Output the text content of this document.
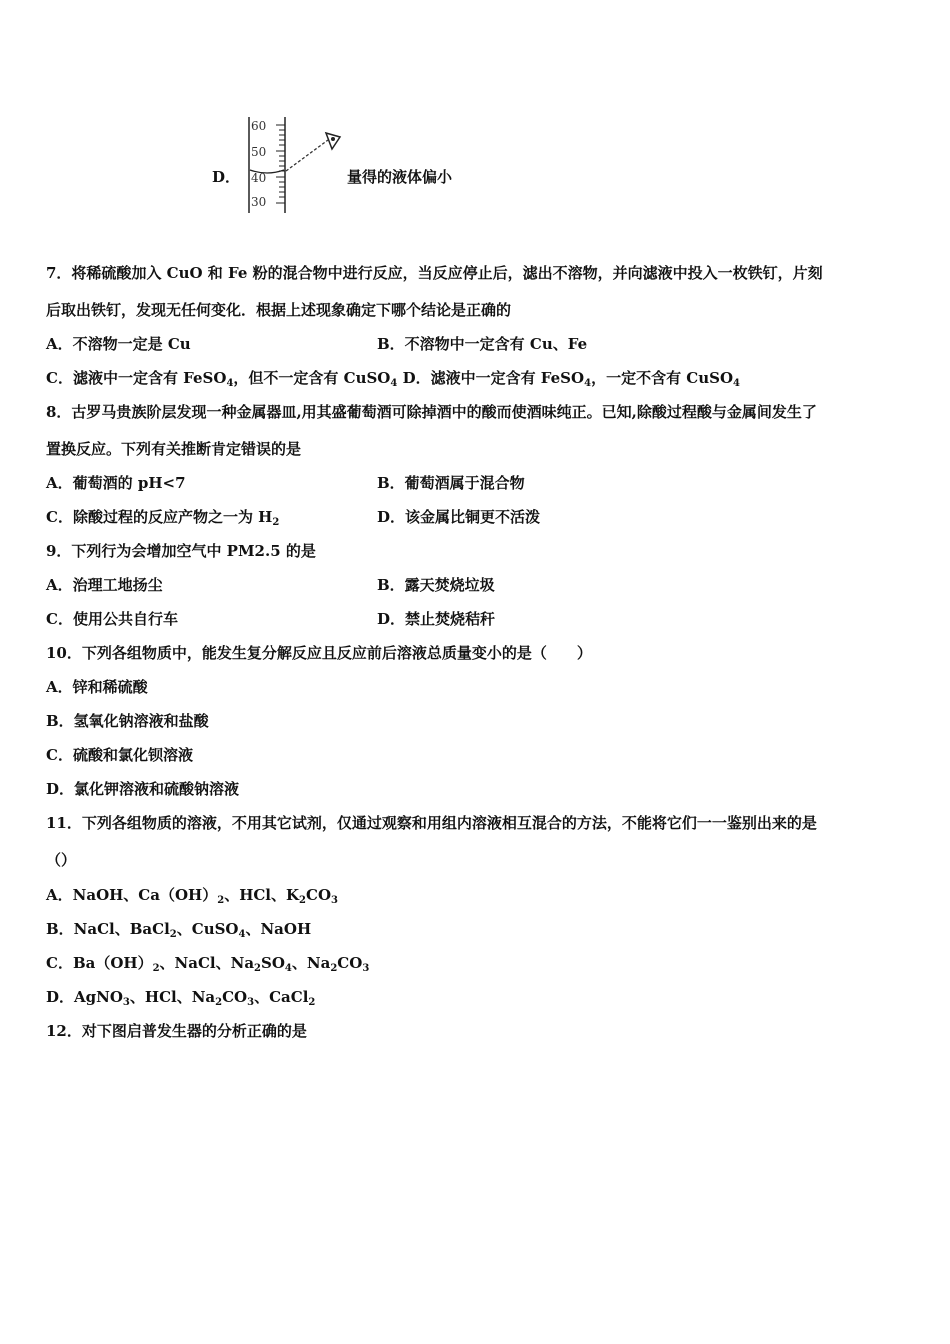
D．
60
50
40
30
量得的液体偏小
7．将稀硫酸加入 CuO 和 Fe 粉的混合物中进行反应，当反应停止后，滤出不溶物，并向滤液中投入一枚铁钉，片刻
后取出铁钉，发现无任何变化．根据上述现象确定下哪个结论是正确的
A．不溶物一定是 Cu	B．不溶物中一定含有 Cu、Fe
C．滤液中一定含有 FeSO$_4$，但不一定含有 CuSO$_4$ D．滤液中一定含有 FeSO$_4$，一定不含有 CuSO$_4$
8．古罗马贵族阶层发现一种金属器皿,用其盛葡萄酒可除掉酒中的酸而使酒味纯正。已知,除酸过程酸与金属间发生了
置换反应。下列有关推断肯定错误的是
A．葡萄酒的 pH<7	B．葡萄酒属于混合物
C．除酸过程的反应产物之一为 $H_2$	D．该金属比铜更不活泼
9．下列行为会增加空气中 PM2.5 的是
A．治理工地扬尘	B．露天焚烧垃圾
C．使用公共自行车	D．禁止焚烧秸秆
10．下列各组物质中，能发生复分解反应且反应前后溶液总质量变小的是（　　）
A．锌和稀硫酸
B．氢氧化钠溶液和盐酸
C．硫酸和氯化钡溶液
D．氯化钾溶液和硫酸钠溶液
11．下列各组物质的溶液，不用其它试剂，仅通过观察和用组内溶液相互混合的方法，不能将它们一一鉴别出来的是
（）
A．NaOH、$Ca(OH)_2$、HCl、$K_2CO_3$
B．NaCl、BaCl$_2$、CuSO$_4$、NaOH
C．$Ba(OH)_2$、NaCl、$Na_2SO_4$、$Na_2CO_3$
D．AgNO$_3$、HCl、$Na_2CO_3$、CaCl$_2$
12．对下图启普发生器的分析正确的是
